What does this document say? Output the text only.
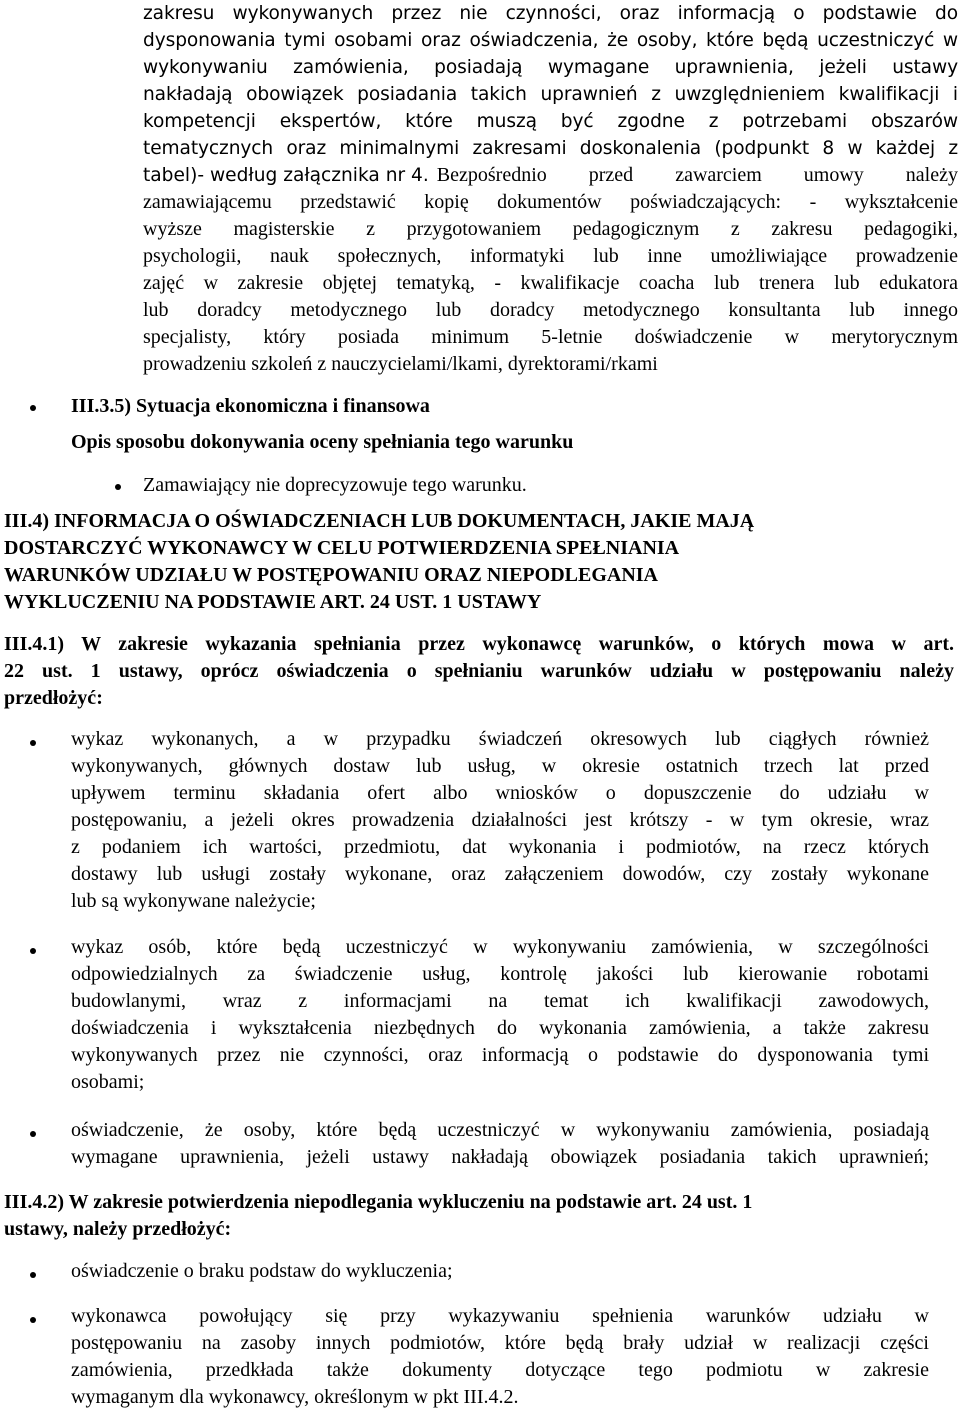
zakresu wykonywanych przez nie czynności, oraz informacją o podstawie do
dysponowania tymi osobami oraz oświadczenia, że osoby, które będą uczestniczyć w
wykonywaniu zamówienia, posiadają wymagane uprawnienia, jeżeli ustawy
nakładają obowiązek posiadania takich uprawnień z uwzględnieniem kwalifikacji i
kompetencji ekspertów, które muszą być zgodne z potrzebami obszarów
tematycznych oraz minimalnymi zakresami doskonalenia (podpunkt 8 w każdej z
tabel)- według załącznika nr 4. Bezpośrednio przed zawarciem umowy należy
zamawiającemu przedstawić kopię dokumentów poświadczających: - wykształcenie
wyższe magisterskie z przygotowaniem pedagogicznym z zakresu pedagogiki,
psychologii, nauk społecznych, informatyki lub inne umożliwiające prowadzenie
zajęć w zakresie objętej tematyką, - kwalifikacje coacha lub trenera lub edukatora
lub doradcy metodycznego lub doradcy metodycznego konsultanta lub innego
specjalisty, który posiada minimum 5-letnie doświadczenie w merytorycznym
prowadzeniu szkoleń z nauczycielami/lkami, dyrektorami/rkami
III.3.5) Sytuacja ekonomiczna i finansowa
Opis sposobu dokonywania oceny spełniania tego warunku
Zamawiający nie doprecyzowuje tego warunku.
III.4) INFORMACJA O OŚWIADCZENIACH LUB DOKUMENTACH, JAKIE MAJĄ
DOSTARCZYĆ WYKONAWCY W CELU POTWIERDZENIA SPEŁNIANIA
WARUNKÓW UDZIAŁU W POSTĘPOWANIU ORAZ NIEPODLEGANIA
WYKLUCZENIU NA PODSTAWIE ART. 24 UST. 1 USTAWY
III.4.1) W zakresie wykazania spełniania przez wykonawcę warunków, o których mowa w art.
22 ust. 1 ustawy, oprócz oświadczenia o spełnianiu warunków udziału w postępowaniu należy
przedłożyć:
wykaz wykonanych, a w przypadku świadczeń okresowych lub ciągłych również
wykonywanych, głównych dostaw lub usług, w okresie ostatnich trzech lat przed
upływem terminu składania ofert albo wniosków o dopuszczenie do udziału w
postępowaniu, a jeżeli okres prowadzenia działalności jest krótszy - w tym okresie, wraz
z podaniem ich wartości, przedmiotu, dat wykonania i podmiotów, na rzecz których
dostawy lub usługi zostały wykonane, oraz załączeniem dowodów, czy zostały wykonane
lub są wykonywane należycie;
wykaz osób, które będą uczestniczyć w wykonywaniu zamówienia, w szczególności
odpowiedzialnych za świadczenie usług, kontrolę jakości lub kierowanie robotami
budowlanymi, wraz z informacjami na temat ich kwalifikacji zawodowych,
doświadczenia i wykształcenia niezbędnych do wykonania zamówienia, a także zakresu
wykonywanych przez nie czynności, oraz informacją o podstawie do dysponowania tymi
osobami;
oświadczenie, że osoby, które będą uczestniczyć w wykonywaniu zamówienia, posiadają
wymagane uprawnienia, jeżeli ustawy nakładają obowiązek posiadania takich uprawnień;
III.4.2) W zakresie potwierdzenia niepodlegania wykluczeniu na podstawie art. 24 ust. 1
ustawy, należy przedłożyć:
oświadczenie o braku podstaw do wykluczenia;
wykonawca powołujący się przy wykazywaniu spełnienia warunków udziału w
postępowaniu na zasoby innych podmiotów, które będą brały udział w realizacji części
zamówienia, przedkłada także dokumenty dotyczące tego podmiotu w zakresie
wymaganym dla wykonawcy, określonym w pkt III.4.2.
